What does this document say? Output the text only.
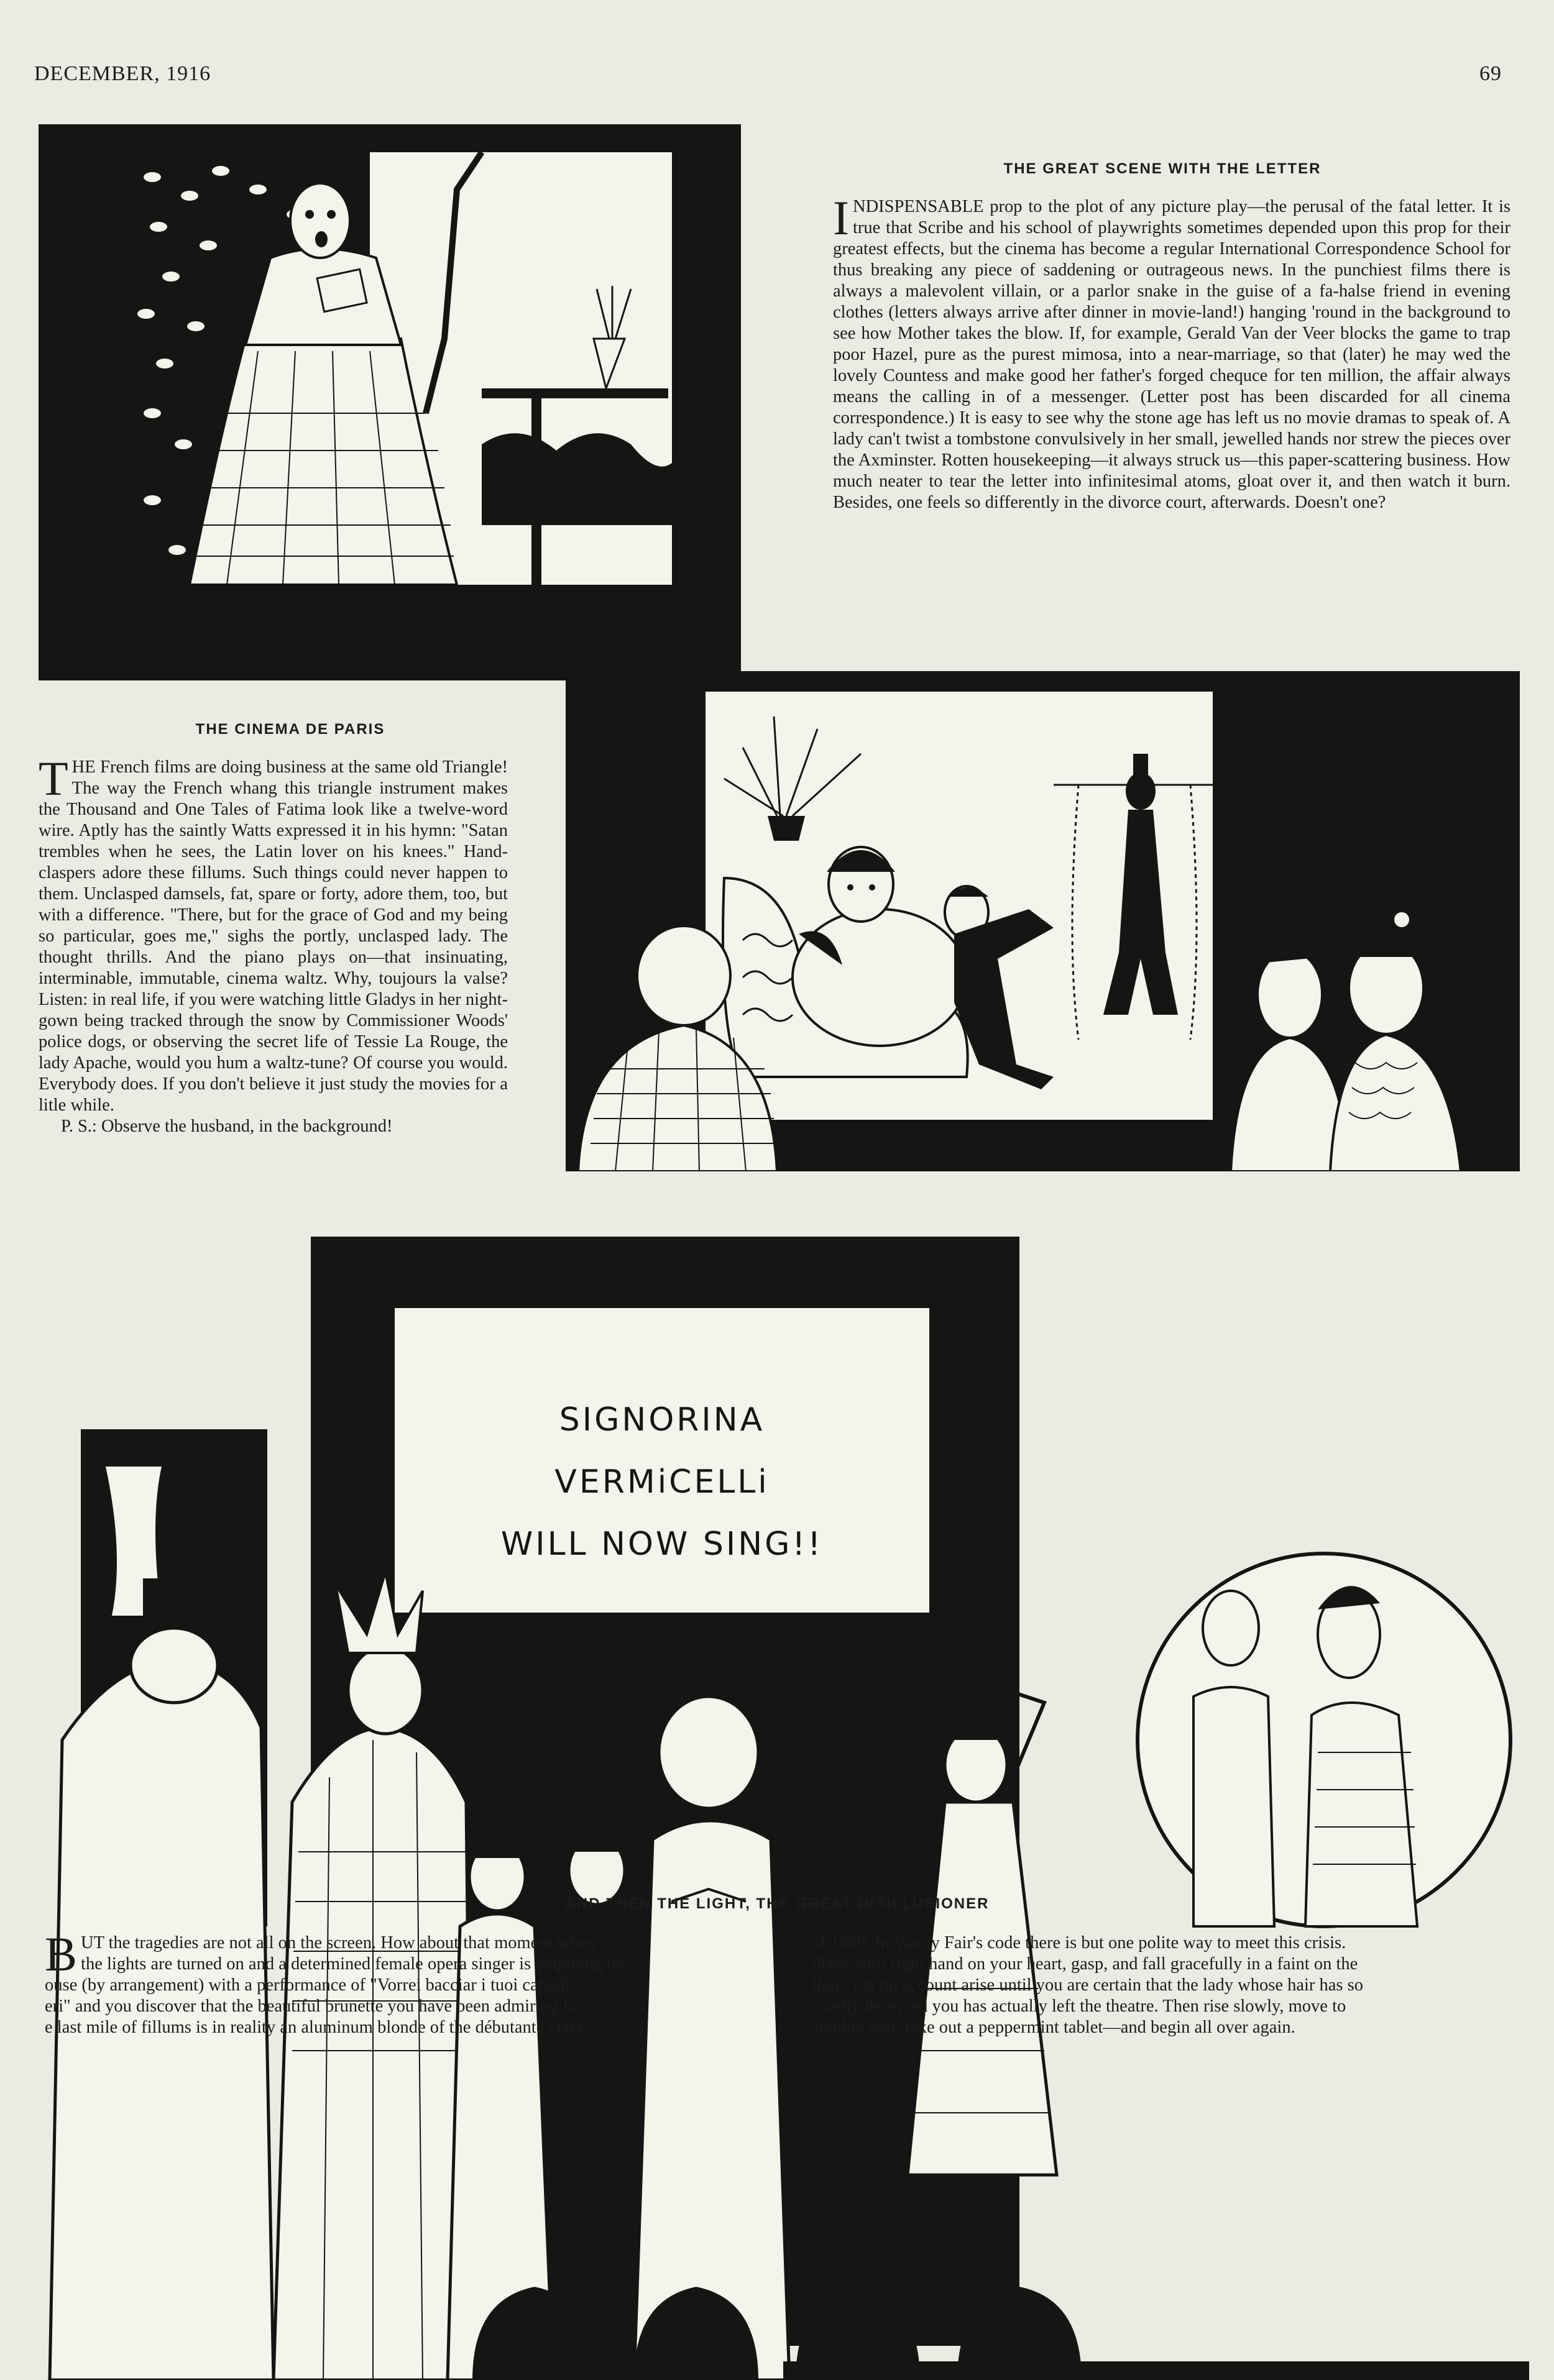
DECEMBER, 1916	69
THE GREAT SCENE WITH THE LETTER
I NDISPENSABLE prop to the plot of any picture play—the perusal of the fatal letter. It is true that Scribe and his school of playwrights sometimes depended upon this prop for their greatest effects, but the cinema has become a regular International Correspondence School for thus breaking any piece of saddening or outrageous news. In the punchiest films there is always a malevolent villain, or a parlor snake in the guise of a fa-halse friend in evening clothes (letters always arrive after dinner in movie-land!) hanging 'round in the background to see how Mother takes the blow. If, for example, Gerald Van der Veer blocks the game to trap poor Hazel, pure as the purest mimosa, into a near-marriage, so that (later) he may wed the lovely Countess and make good her father's forged chequce for ten million, the affair always means the calling in of a messenger. (Letter post has been discarded for all cinema correspondence.) It is easy to see why the stone age has left us no movie dramas to speak of. A lady can't twist a tombstone convulsively in her small, jewelled hands nor strew the pieces over the Axminster. Rotten housekeeping—it always struck us—this paper-scattering business. How much neater to tear the letter into infinitesimal atoms, gloat over it, and then watch it burn. Besides, one feels so differently in the divorce court, afterwards. Doesn't one?
THE CINEMA DE PARIS
T HE French films are doing business at the same old Triangle! The way the French whang this triangle instrument makes the Thousand and One Tales of Fatima look like a twelve-word wire. Aptly has the saintly Watts expressed it in his hymn: "Satan trembles when he sees, the Latin lover on his knees." Hand-claspers adore these fillums. Such things could never happen to them. Unclasped damsels, fat, spare or forty, adore them, too, but with a difference. "There, but for the grace of God and my being so particular, goes me," sighs the portly, unclasped lady. The thought thrills. And the piano plays on—that insinuating, interminable, immutable, cinema waltz. Why, toujours la valse? Listen: in real life, if you were watching little Gladys in her night-gown being tracked through the snow by Commissioner Woods' police dogs, or observing the secret life of Tessie La Rouge, the lady Apache, would you hum a waltz-tune? Of course you would. Everybody does. If you don't believe it just study the movies for a litle while.
P. S.: Observe the husband, in the background!
SIGNORINA
VERMiCELLi
WILL NOW SING!!
AND THEN THE LIGHT, THE GREAT DISILLUSIONER
B UT the tragedies are not all on the screen. How about that moment when
the lights are turned on and a determined female opera singer is emptying the
ouse (by arrangement) with a performance of "Vorrei bacciar i tuoi capelli
eri" and you discover that the beautiful brunette you have been admiring for
e last mile of fillums is in reality an aluminum blonde of the débutante class
of 1889. In Vanity Fair's code there is but one polite way to meet this crisis.
Place your right hand on your heart, gasp, and fall gracefully in a faint on the
floor. On no account arise until you are certain that the lady whose hair has so
cruelly deceived you has actually left the theatre. Then rise slowly, move to
another seat, take out a peppermint tablet—and begin all over again.
